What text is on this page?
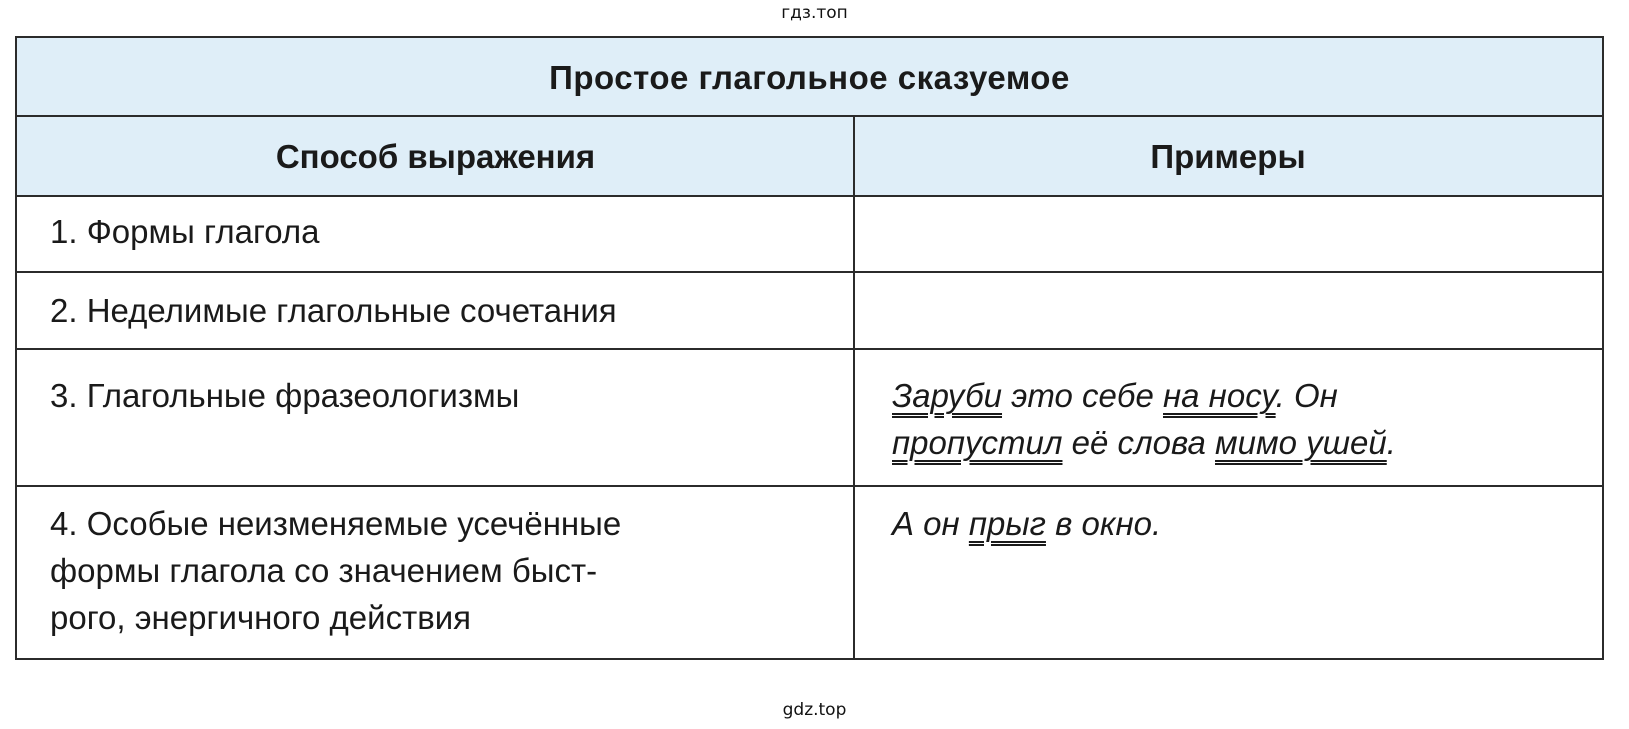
гдз.топ
Простое глагольное сказуемое
Способ выражения	Примеры
1. Формы глагола
2. Неделимые глагольные сочетания
3. Глагольные фразеологизмы	Заруби это себе на носу. Он
пропустил её слова мимо ушей.
4. Особые неизменяемые усечённые
формы глагола со значением быст-
рого, энергичного действия
А он прыг в окно.
gdz.top
